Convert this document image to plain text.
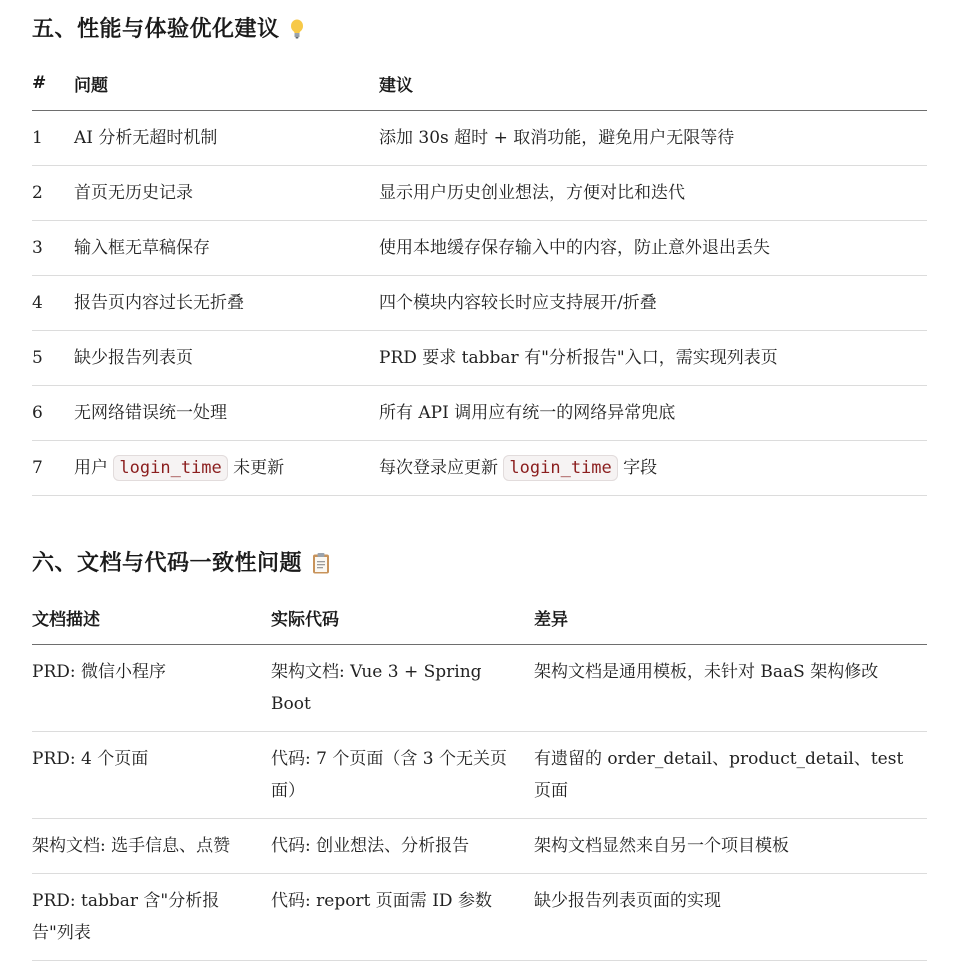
五、性能与体验优化建议
#	问题	建议
1	AI 分析无超时机制	添加 30s 超时 + 取消功能，避免用户无限等待
2	首页无历史记录	显示用户历史创业想法，方便对比和迭代
3	输入框无草稿保存	使用本地缓存保存输入中的内容，防止意外退出丢失
4	报告页内容过长无折叠	四个模块内容较长时应支持展开/折叠
5	缺少报告列表页	PRD 要求 tabbar 有"分析报告"入口，需实现列表页
6	无网络错误统一处理	所有 API 调用应有统一的网络异常兜底
7	用户 login_time 未更新	每次登录应更新 login_time 字段
六、文档与代码一致性问题
文档描述	实际代码	差异
PRD: 微信小程序	架构文档: Vue 3 + Spring Boot	架构文档是通用模板，未针对 BaaS 架构修改
PRD: 4 个页面	代码: 7 个页面（含 3 个无关页面）	有遗留的 order_detail、product_detail、test 页面
架构文档: 选手信息、点赞	代码: 创业想法、分析报告	架构文档显然来自另一个项目模板
PRD: tabbar 含"分析报告"列表	代码: report 页面需 ID 参数	缺少报告列表页面的实现
